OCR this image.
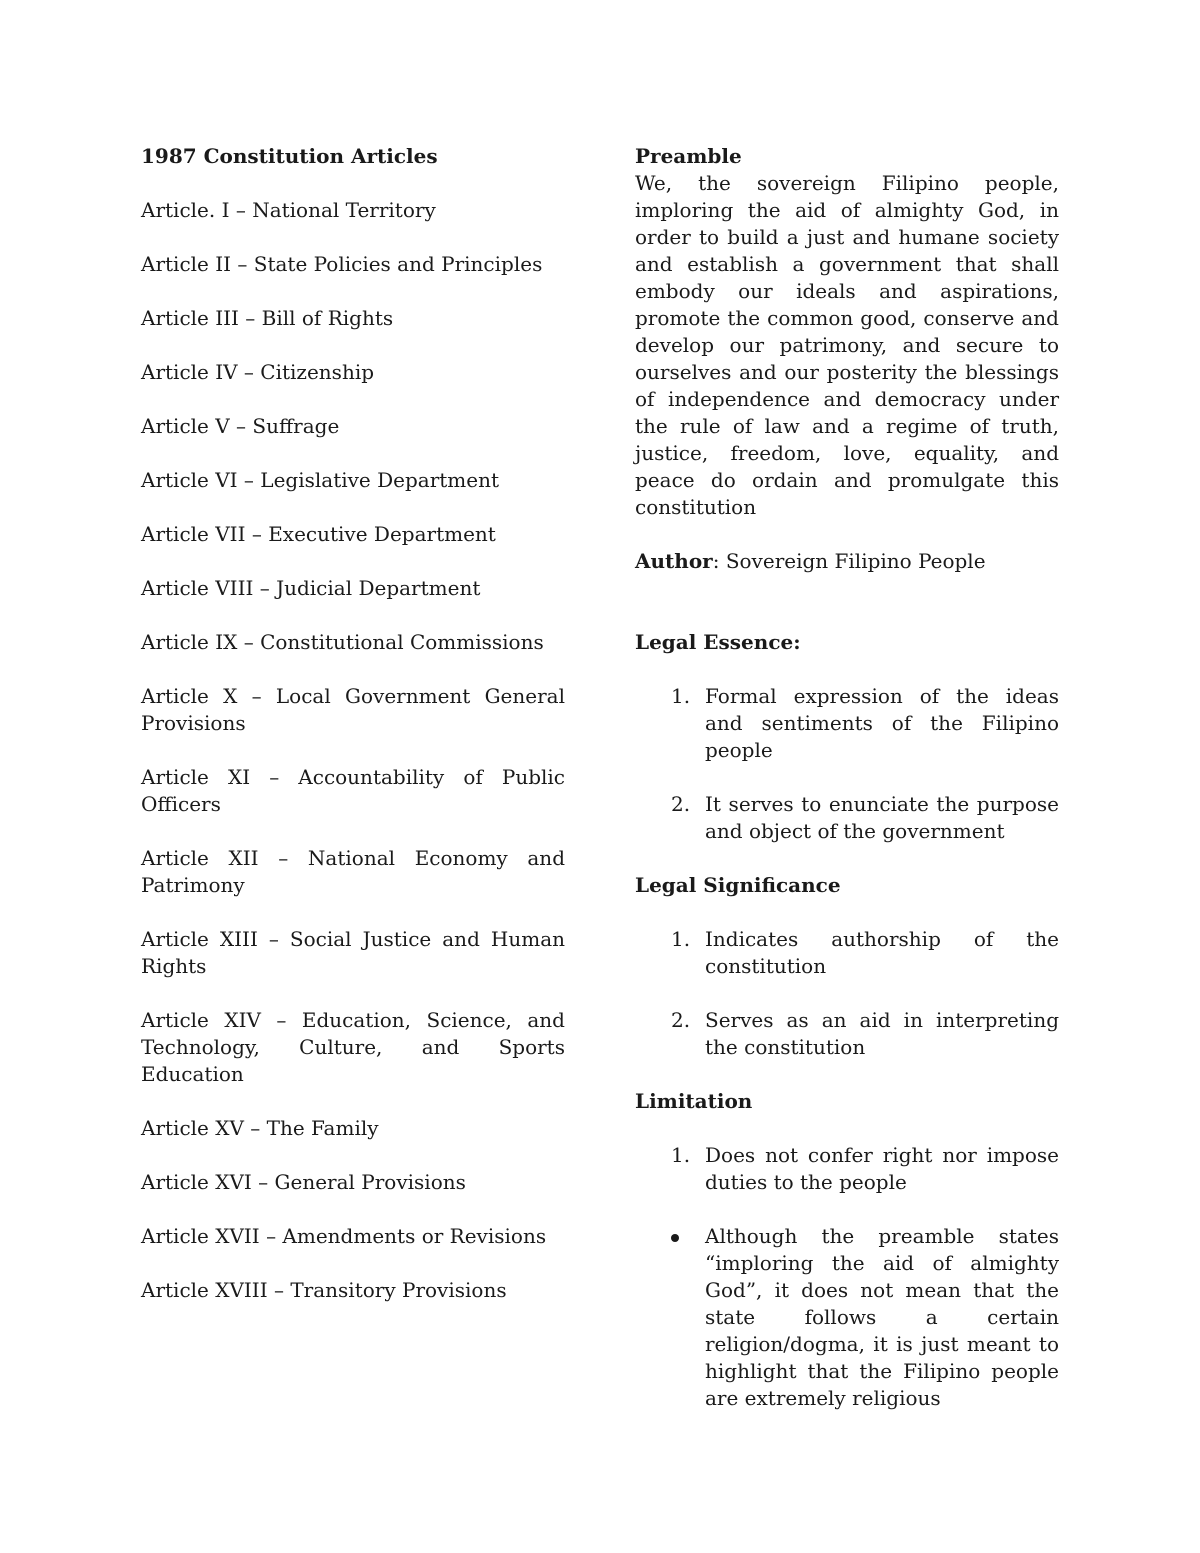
1987 Constitution Articles

Article. I – National Territory

Article II – State Policies and Principles

Article III – Bill of Rights

Article IV – Citizenship

Article V – Suffrage

Article VI – Legislative Department

Article VII – Executive Department

Article VIII – Judicial Department

Article IX – Constitutional Commissions

Article X – Local Government General Provisions

Article XI – Accountability of Public Officers

Article XII – National Economy and Patrimony

Article XIII – Social Justice and Human Rights

Article XIV – Education, Science, and Technology, Culture, and Sports Education

Article XV – The Family

Article XVI – General Provisions

Article XVII – Amendments or Revisions

Article XVIII – Transitory Provisions

Preamble

We, the sovereign Filipino people, imploring the aid of almighty God, in order to build a just and humane society and establish a government that shall embody our ideals and aspirations, promote the common good, conserve and develop our patrimony, and secure to ourselves and our posterity the blessings of independence and democracy under the rule of law and a regime of truth, justice, freedom, love, equality, and peace do ordain and promulgate this constitution

Author: Sovereign Filipino People

Legal Essence:

1. Formal expression of the ideas and sentiments of the Filipino people
2. It serves to enunciate the purpose and object of the government

Legal Significance

1. Indicates authorship of the constitution
2. Serves as an aid in interpreting the constitution

Limitation

1. Does not confer right nor impose duties to the people
Although the preamble states “imploring the aid of almighty God”, it does not mean that the state follows a certain religion/dogma, it is just meant to highlight that the Filipino people are extremely religious
